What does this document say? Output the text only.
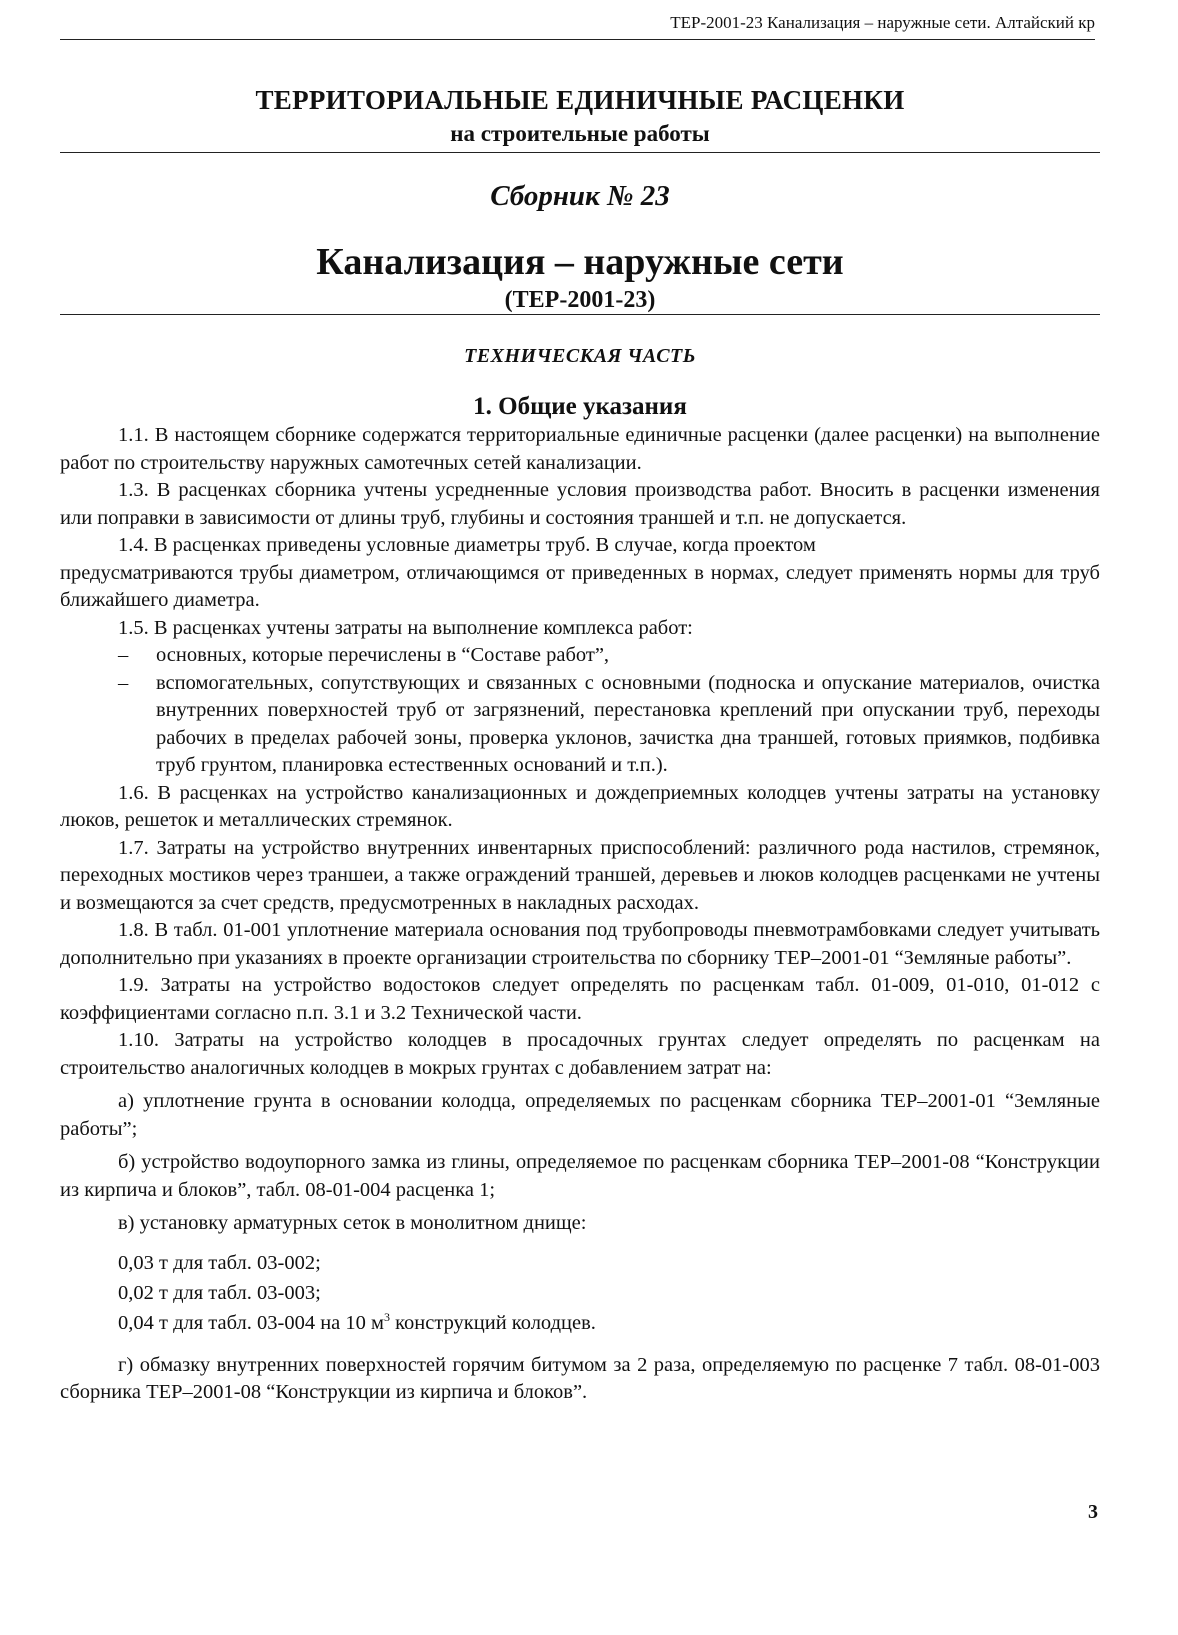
ТЕР-2001-23 Канализация – наружные сети. Алтайский кр
ТЕРРИТОРИАЛЬНЫЕ ЕДИНИЧНЫЕ РАСЦЕНКИ
на строительные работы
Сборник № 23
Канализация – наружные сети
(ТЕР-2001-23)
ТЕХНИЧЕСКАЯ ЧАСТЬ
1. Общие указания

1.1. В настоящем сборнике содержатся территориальные единичные расценки (далее расценки) на выполнение работ по строительству наружных самотечных сетей канализации.

1.3. В расценках сборника учтены усредненные условия производства работ. Вносить в расценки изменения или поправки в зависимости от длины труб, глубины и состояния траншей и т.п. не допускается.

1.4. В расценках приведены условные диаметры труб. В случае, когда проектом

предусматриваются трубы диаметром, отличающимся от приведенных в нормах, следует применять нормы для труб ближайшего диаметра.

1.5. В расценках учтены затраты на выполнение комплекса работ:

– основных, которые перечислены в “Составе работ”,
– вспомогательных, сопутствующих и связанных с основными (подноска и опускание материалов, очистка внутренних поверхностей труб от загрязнений, перестановка креплений при опускании труб, переходы рабочих в пределах рабочей зоны, проверка уклонов, зачистка дна траншей, готовых приямков, подбивка труб грунтом, планировка естественных оснований и т.п.).

1.6. В расценках на устройство канализационных и дождеприемных колодцев учтены затраты на установку люков, решеток и металлических стремянок.

1.7. Затраты на устройство внутренних инвентарных приспособлений: различного рода настилов, стремянок, переходных мостиков через траншеи, а также ограждений траншей, деревьев и люков колодцев расценками не учтены и возмещаются за счет средств, предусмотренных в накладных расходах.

1.8. В табл. 01-001 уплотнение материала основания под трубопроводы пневмотрамбовками следует учитывать дополнительно при указаниях в проекте организации строительства по сборнику ТЕР–2001-01 “Земляные работы”.

1.9. Затраты на устройство водостоков следует определять по расценкам табл. 01-009, 01-010, 01-012 с коэффициентами согласно п.п. 3.1 и 3.2 Технической части.

1.10. Затраты на устройство колодцев в просадочных грунтах следует определять по расценкам на строительство аналогичных колодцев в мокрых грунтах с добавлением затрат на:

а) уплотнение грунта в основании колодца, определяемых по расценкам сборника ТЕР–2001-01 “Земляные работы”;

б) устройство водоупорного замка из глины, определяемое по расценкам сборника ТЕР–2001-08 “Конструкции из кирпича и блоков”, табл. 08-01-004 расценка 1;

в) установку арматурных сеток в монолитном днище:

0,03 т для табл. 03-002;
0,02 т для табл. 03-003;
0,04 т для табл. 03-004 на 10 $м^3$ конструкций колодцев.

г) обмазку внутренних поверхностей горячим битумом за 2 раза, определяемую по расценке 7 табл. 08-01-003 сборника ТЕР–2001-08 “Конструкции из кирпича и блоков”.

3
